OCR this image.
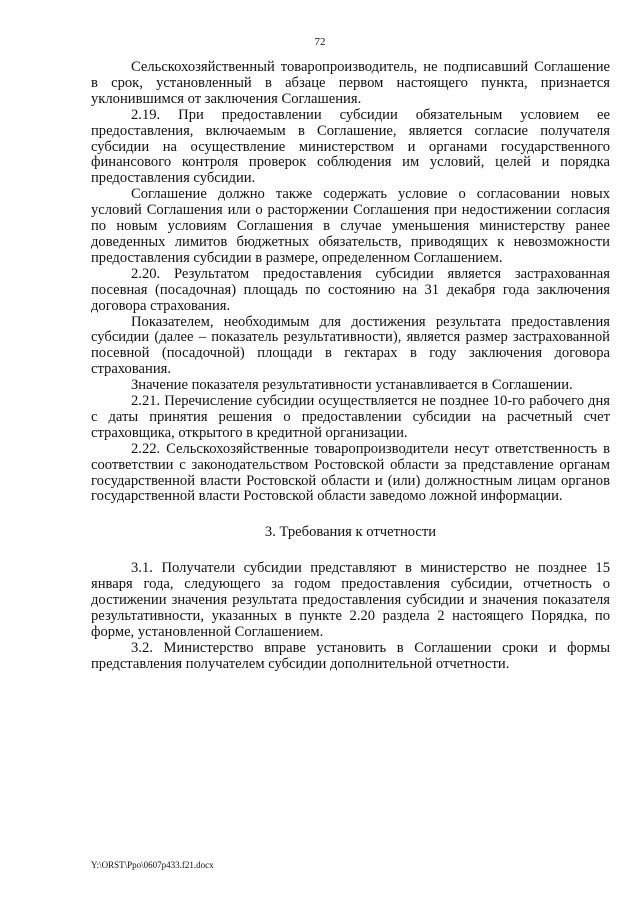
72

Сельскохозяйственный товаропроизводитель, не подписавший Соглашение в срок, установленный в абзаце первом настоящего пункта, признается уклонившимся от заключения Соглашения.

2.19. При предоставлении субсидии обязательным условием ее предоставления, включаемым в Соглашение, является согласие получателя субсидии на осуществление министерством и органами государственного финансового контроля проверок соблюдения им условий, целей и порядка предоставления субсидии.

Соглашение должно также содержать условие о согласовании новых условий Соглашения или о расторжении Соглашения при недостижении согласия по новым условиям Соглашения в случае уменьшения министерству ранее доведенных лимитов бюджетных обязательств, приводящих к невозможности предоставления субсидии в размере, определенном Соглашением.

2.20. Результатом предоставления субсидии является застрахованная посевная (посадочная) площадь по состоянию на 31 декабря года заключения договора страхования.

Показателем, необходимым для достижения результата предоставления субсидии (далее – показатель результативности), является размер застрахованной посевной (посадочной) площади в гектарах в году заключения договора страхования.

Значение показателя результативности устанавливается в Соглашении.

2.21. Перечисление субсидии осуществляется не позднее 10-го рабочего дня с даты принятия решения о предоставлении субсидии на расчетный счет страховщика, открытого в кредитной организации.

2.22. Сельскохозяйственные товаропроизводители несут ответственность в соответствии с законодательством Ростовской области за представление органам государственной власти Ростовской области и (или) должностным лицам органов государственной власти Ростовской области заведомо ложной информации.

3. Требования к отчетности

3.1. Получатели субсидии представляют в министерство не позднее 15 января года, следующего за годом предоставления субсидии, отчетность о достижении значения результата предоставления субсидии и значения показателя результативности, указанных в пункте 2.20 раздела 2 настоящего Порядка, по форме, установленной Соглашением.

3.2. Министерство вправе установить в Соглашении сроки и формы представления получателем субсидии дополнительной отчетности.

Y:\ORST\Ppo\0607p433.f21.docx
